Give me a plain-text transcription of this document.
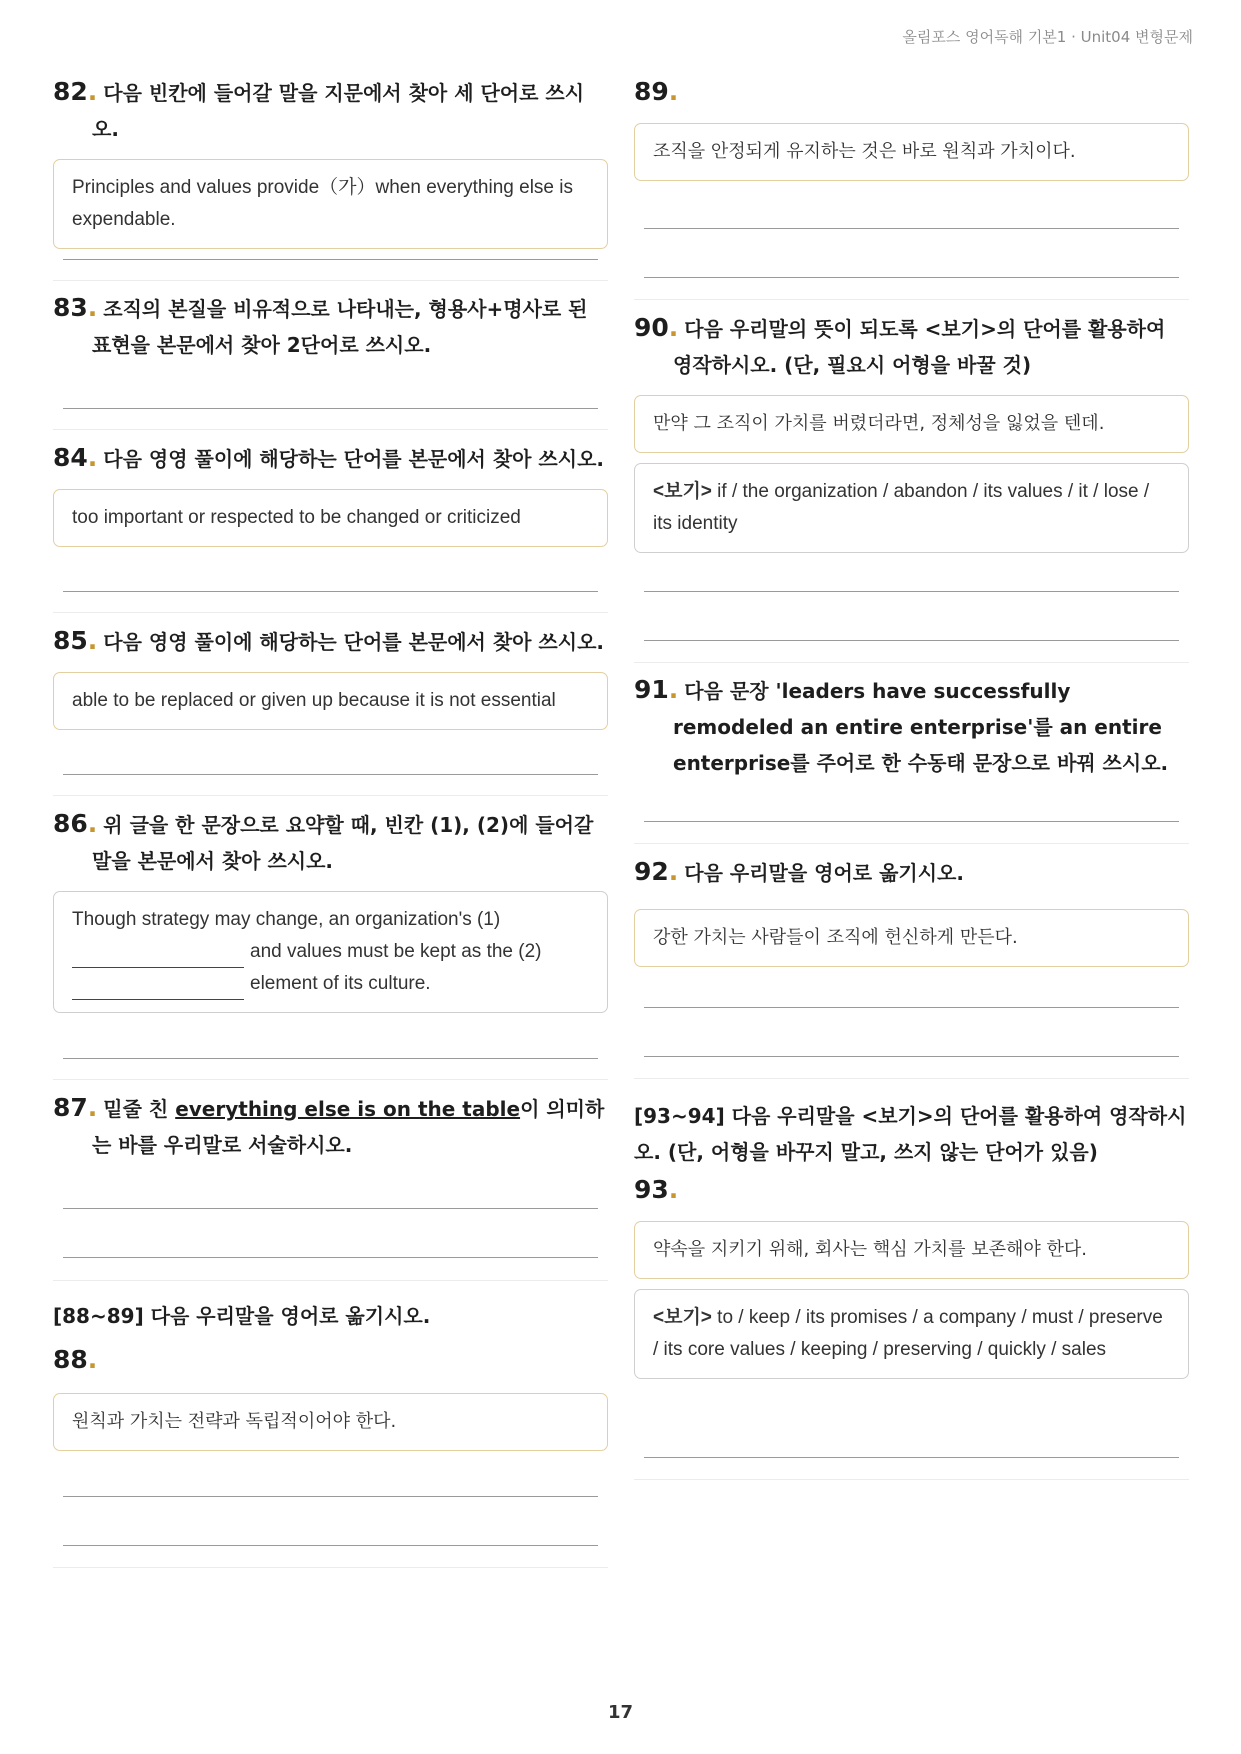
올림포스 영어독해 기본1 · Unit04 변형문제
82. 다음 빈칸에 들어갈 말을 지문에서 찾아 세 단어로 쓰시오.
Principles and values provide（가）when everything else is expendable.
83. 조직의 본질을 비유적으로 나타내는, 형용사+명사로 된 표현을 본문에서 찾아 2단어로 쓰시오.
84. 다음 영영 풀이에 해당하는 단어를 본문에서 찾아 쓰시오.
too important or respected to be changed or criticized
85. 다음 영영 풀이에 해당하는 단어를 본문에서 찾아 쓰시오.
able to be replaced or given up because it is not essential
86. 위 글을 한 문장으로 요약할 때, 빈칸 (1), (2)에 들어갈 말을 본문에서 찾아 쓰시오.
Though strategy may change, an organization's (1)
and values must be kept as the (2)
element of its culture.
87. 밑줄 친 everything else is on the table이 의미하는 바를 우리말로 서술하시오.
[88~89] 다음 우리말을 영어로 옮기시오.
88.
원칙과 가치는 전략과 독립적이어야 한다.
89.
조직을 안정되게 유지하는 것은 바로 원칙과 가치이다.
90. 다음 우리말의 뜻이 되도록 <보기>의 단어를 활용하여 영작하시오. (단, 필요시 어형을 바꿀 것)
만약 그 조직이 가치를 버렸더라면, 정체성을 잃었을 텐데.
<보기> if / the organization / abandon / its values / it / lose / its identity
91. 다음 문장 'leaders have successfully remodeled an entire enterprise'를 an entire enterprise를 주어로 한 수동태 문장으로 바꿔 쓰시오.
92. 다음 우리말을 영어로 옮기시오.
강한 가치는 사람들이 조직에 헌신하게 만든다.
[93~94] 다음 우리말을 <보기>의 단어를 활용하여 영작하시오. (단, 어형을 바꾸지 말고, 쓰지 않는 단어가 있음)
93.
약속을 지키기 위해, 회사는 핵심 가치를 보존해야 한다.
<보기> to / keep / its promises / a company / must / preserve / its core values / keeping / preserving / quickly / sales
17
